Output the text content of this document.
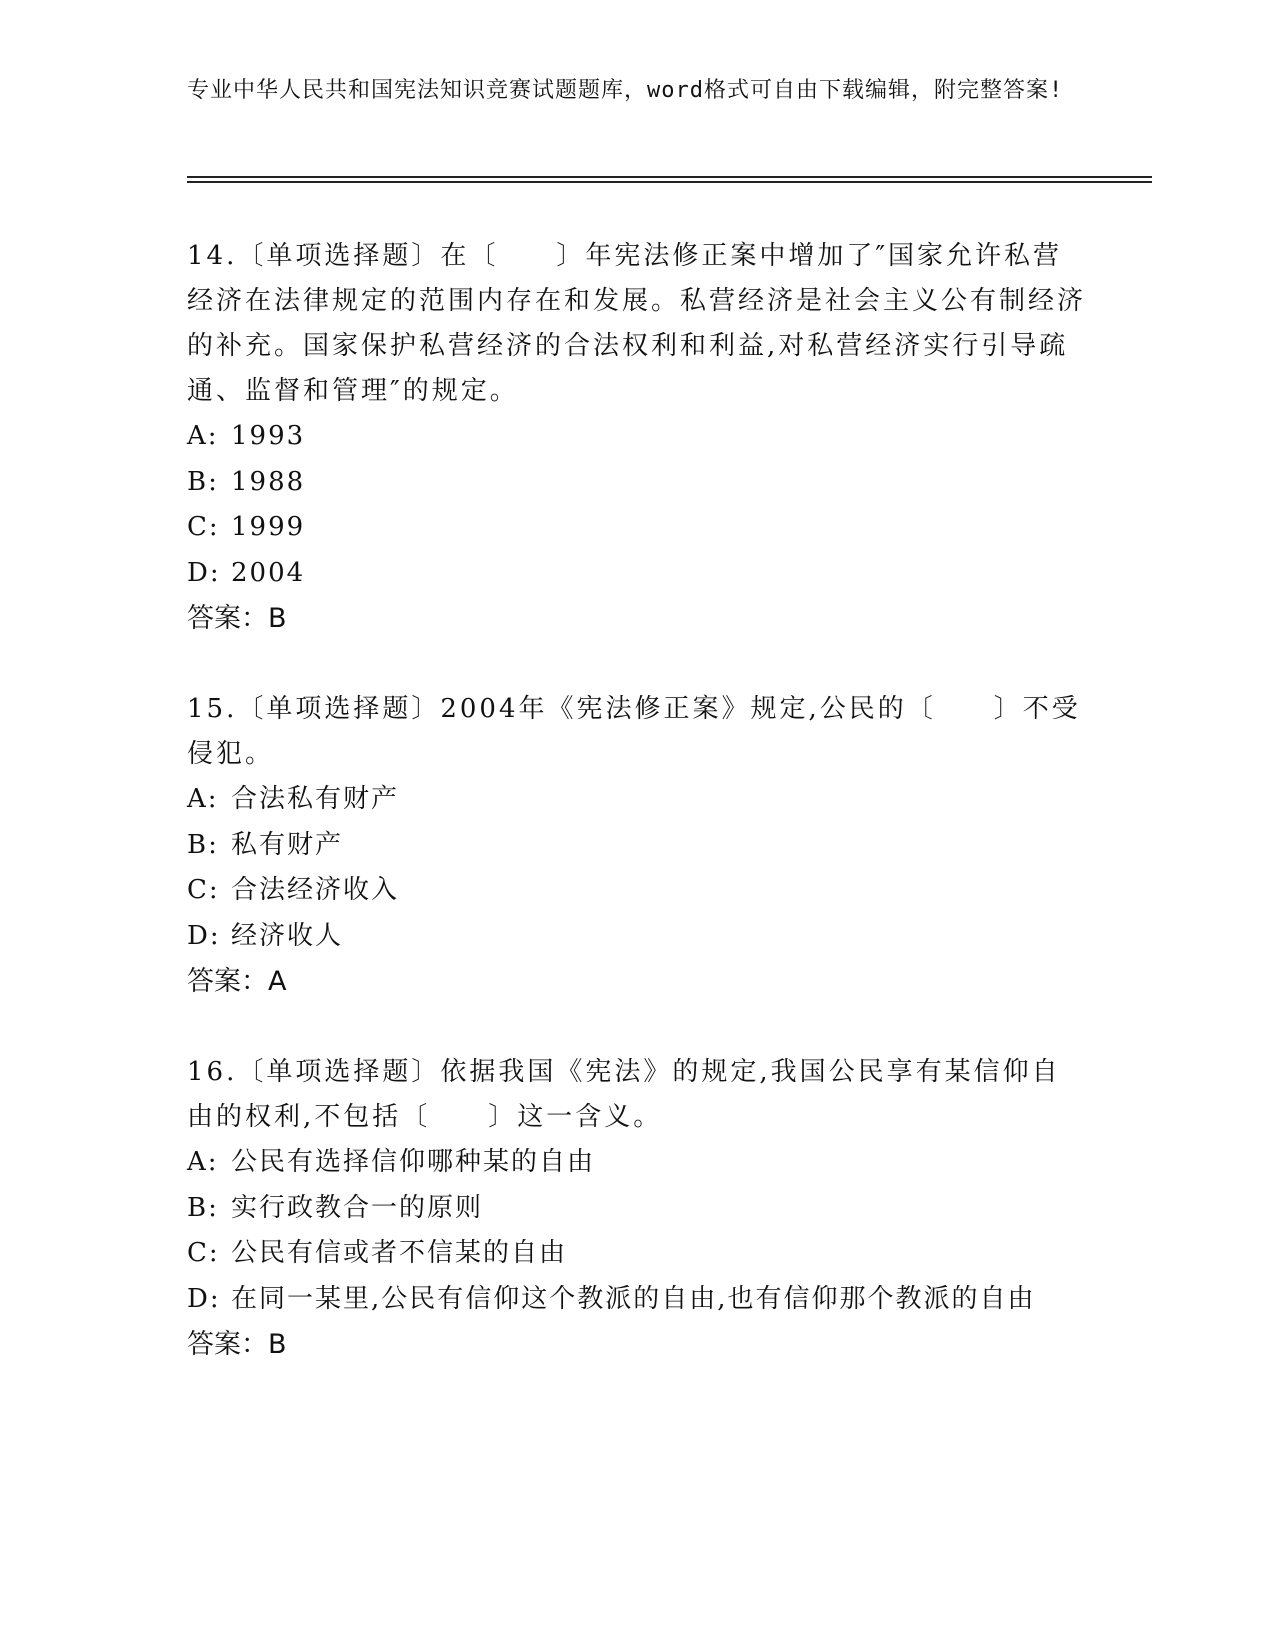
专业中华人民共和国宪法知识竞赛试题题库，word格式可自由下载编辑，附完整答案!

14.〔单项选择题〕在〔　　〕年宪法修正案中增加了″国家允许私营经济在法律规定的范围内存在和发展。私营经济是社会主义公有制经济的补充。国家保护私营经济的合法权利和利益,对私营经济实行引导疏通、监督和管理″的规定。

A: 1993

B: 1988

C: 1999

D: 2004

答案：B

15.〔单项选择题〕2004年《宪法修正案》规定,公民的〔　　〕不受侵犯。

A: 合法私有财产

B: 私有财产

C: 合法经济收入

D: 经济收人

答案：A

16.〔单项选择题〕依据我国《宪法》的规定,我国公民享有某信仰自由的权利,不包括〔　　〕这一含义。

A: 公民有选择信仰哪种某的自由

B: 实行政教合一的原则

C: 公民有信或者不信某的自由

D: 在同一某里,公民有信仰这个教派的自由,也有信仰那个教派的自由

答案：B
